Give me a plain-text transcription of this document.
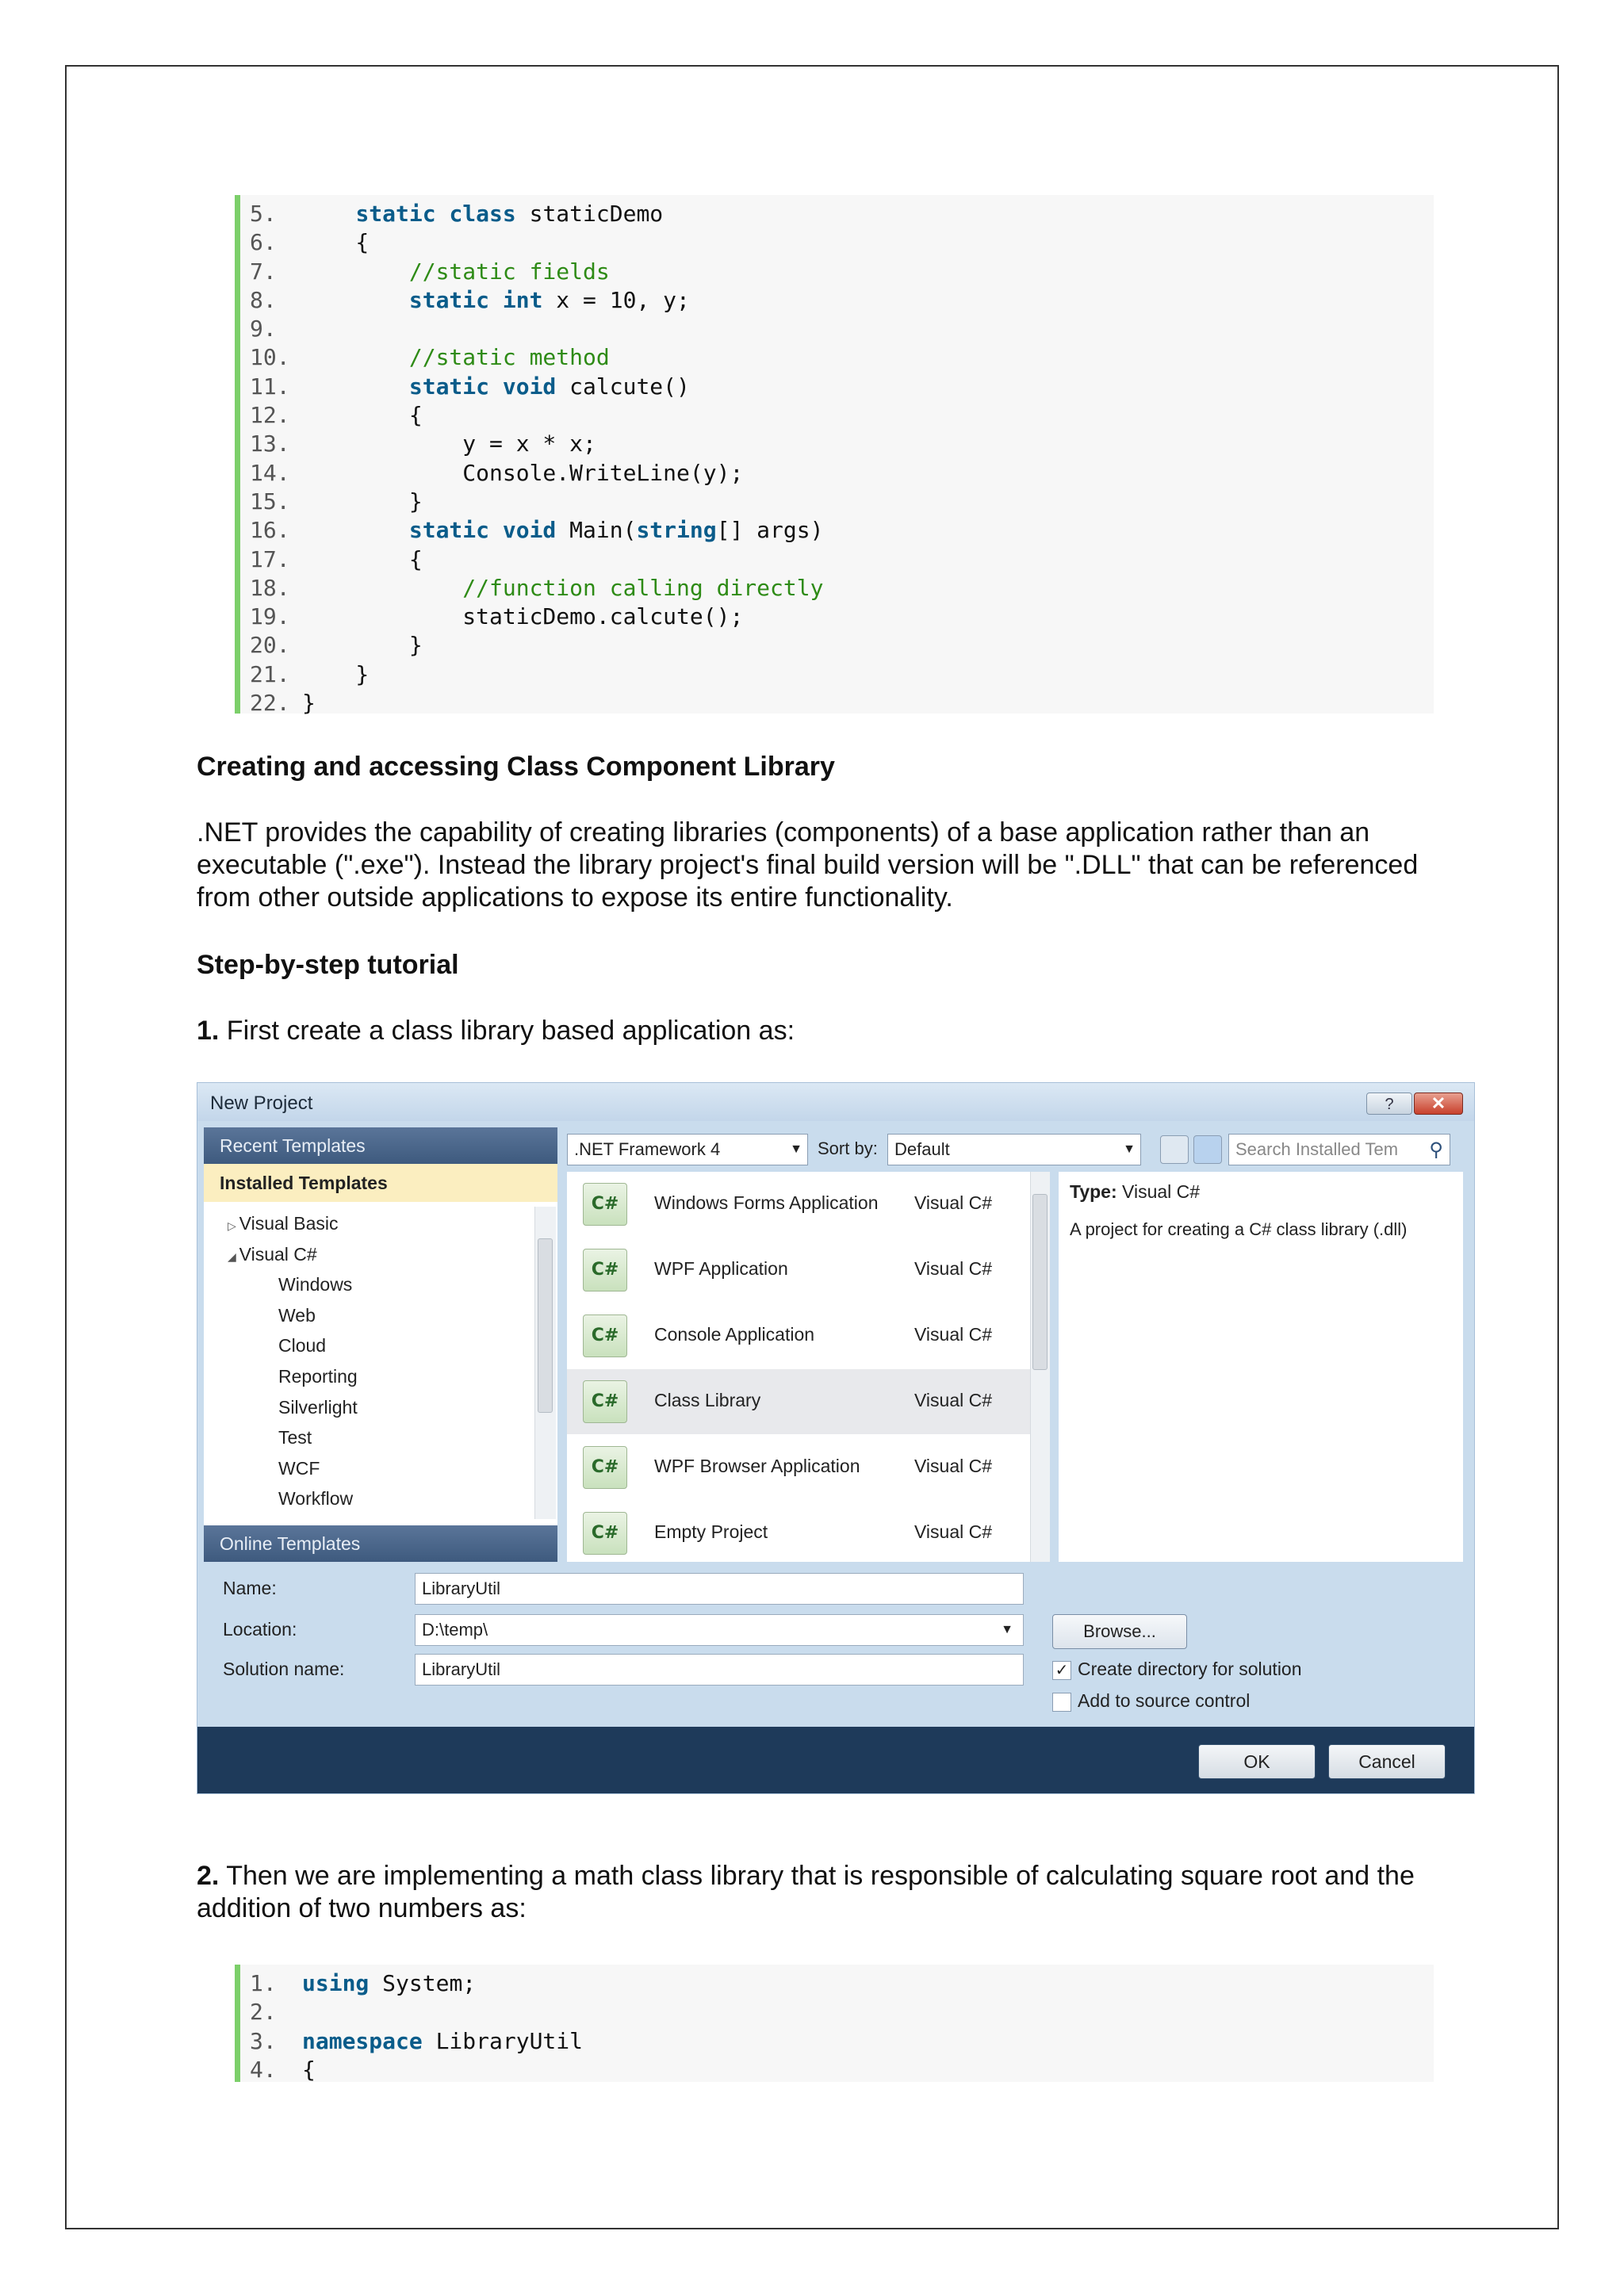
5.	static class staticDemo
6.	{
7.	//static fields
8.	static int x = 10, y;
9.
10.	//static method
11.	static void calcute()
12. {
13. y = x * x;
14. Console.WriteLine(y);
15. }
16.	static void Main(string[] args)
17. {
18.	//function calling directly
19. staticDemo.calcute();
20. }
21. }
22. }
Creating and accessing Class Component Library
.NET provides the capability of creating libraries (components) of a base application rather than an executable (".exe"). Instead the library project's final build version will be ".DLL" that can be referenced from other outside applications to expose its entire functionality.
Step-by-step tutorial
1. First create a class library based application as:
New Project	?	✕
Recent Templates
Installed Templates
▷ Visual Basic
◢ Visual C#
Windows
Web
Cloud
Reporting
Silverlight
Test
WCF
Workflow
Online Templates
.NET Framework 4	▼ Sort by: Default	▼	Search Installed Tem ⚲
C#	Windows Forms Application Visual C#
C#	WPF Application	Visual C#
C#	Console Application	Visual C#
C#	Class Library	Visual C#
C#	WPF Browser Application	Visual C#
C#	Empty Project	Visual C#
Type: Visual C#
A project for creating a C# class library (.dll)
Name:	LibraryUtil
Location:	D:\temp\	▼
Solution name:	LibraryUtil
Browse...
✓ Create directory for solution
Add to source control
OK	Cancel
2. Then we are implementing a math class library that is responsible of calculating square root and the addition of two numbers as:
1.	using System;
2.
3.	namespace LibraryUtil
4.	{
